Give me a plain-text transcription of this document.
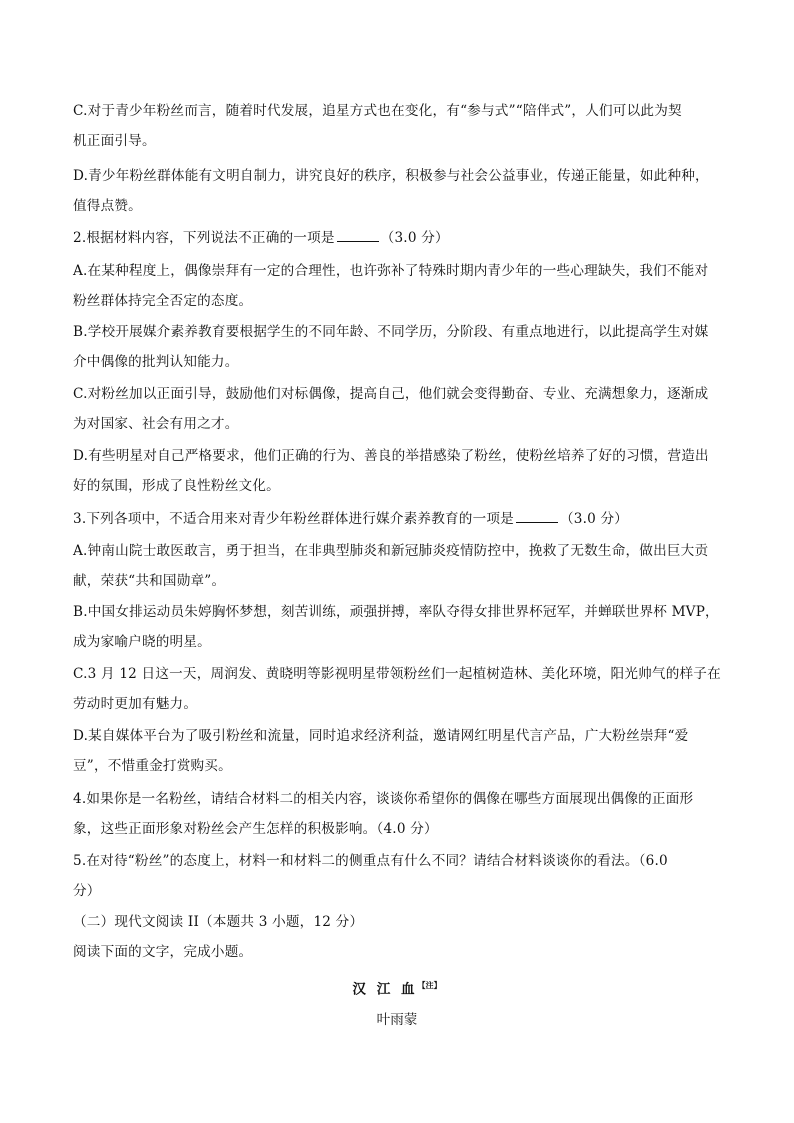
C.对于青少年粉丝而言，随着时代发展，追星方式也在变化，有“参与式”“陪伴式”，人们可以此为契
机正面引导。
D.青少年粉丝群体能有文明自制力，讲究良好的秩序，积极参与社会公益事业，传递正能量，如此种种，
值得点赞。
2.根据材料内容，下列说法不正确的一项是	（3.0 分）
A.在某种程度上，偶像崇拜有一定的合理性，也许弥补了特殊时期内青少年的一些心理缺失，我们不能对
粉丝群体持完全否定的态度。
B.学校开展媒介素养教育要根据学生的不同年龄、不同学历，分阶段、有重点地进行，以此提高学生对媒
介中偶像的批判认知能力。
C.对粉丝加以正面引导，鼓励他们对标偶像，提高自己，他们就会变得勤奋、专业、充满想象力，逐渐成
为对国家、社会有用之才。
D.有些明星对自己严格要求，他们正确的行为、善良的举措感染了粉丝，使粉丝培养了好的习惯，营造出
好的氛围，形成了良性粉丝文化。
3.下列各项中，不适合用来对青少年粉丝群体进行媒介素养教育的一项是	（3.0 分）
A.钟南山院士敢医敢言，勇于担当，在非典型肺炎和新冠肺炎疫情防控中，挽救了无数生命，做出巨大贡
献，荣获“共和国勋章”。
B.中国女排运动员朱婷胸怀梦想，刻苦训练，顽强拼搏，率队夺得女排世界杯冠军，并蝉联世界杯 MVP，
成为家喻户晓的明星。
C.3 月 12 日这一天，周润发、黄晓明等影视明星带领粉丝们一起植树造林、美化环境，阳光帅气的样子在
劳动时更加有魅力。
D.某自媒体平台为了吸引粉丝和流量，同时追求经济利益，邀请网红明星代言产品，广大粉丝崇拜“爱
豆”，不惜重金打赏购买。
4.如果你是一名粉丝，请结合材料二的相关内容，谈谈你希望你的偶像在哪些方面展现出偶像的正面形
象，这些正面形象对粉丝会产生怎样的积极影响。（4.0 分）
5.在对待“粉丝”的态度上，材料一和材料二的侧重点有什么不同？请结合材料谈谈你的看法。（6.0
分）
（二）现代文阅读 II（本题共 3 小题，12 分）
阅读下面的文字，完成小题。
汉 江 血$^{【注】}$
叶雨蒙
